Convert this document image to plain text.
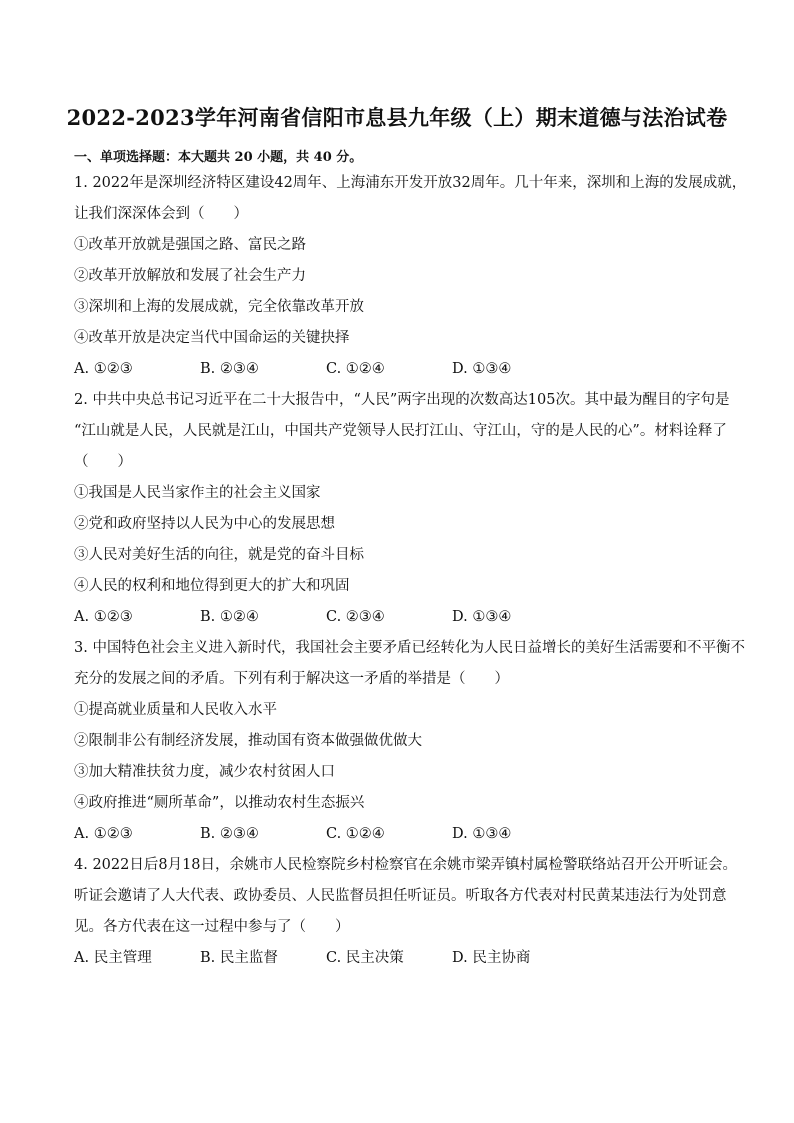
2022-2023学年河南省信阳市息县九年级（上）期末道德与法治试卷

一、单项选择题：本大题共 20 小题，共 40 分。

1. 2022年是深圳经济特区建设42周年、上海浦东开发开放32周年。几十年来，深圳和上海的发展成就，

让我们深深体会到（　　）

①改革开放就是强国之路、富民之路

②改革开放解放和发展了社会生产力

③深圳和上海的发展成就，完全依靠改革开放

④改革开放是决定当代中国命运的关键抉择

A. ①②③	B. ②③④	C. ①②④	D. ①③④

2. 中共中央总书记习近平在二十大报告中，“人民”两字出现的次数高达105次。其中最为醒目的字句是

“江山就是人民，人民就是江山，中国共产党领导人民打江山、守江山，守的是人民的心”。材料诠释了

（　　）

①我国是人民当家作主的社会主义国家

②党和政府坚持以人民为中心的发展思想

③人民对美好生活的向往，就是党的奋斗目标

④人民的权利和地位得到更大的扩大和巩固

A. ①②③	B. ①②④	C. ②③④	D. ①③④

3. 中国特色社会主义进入新时代，我国社会主要矛盾已经转化为人民日益增长的美好生活需要和不平衡不

充分的发展之间的矛盾。下列有利于解决这一矛盾的举措是（　　）

①提高就业质量和人民收入水平

②限制非公有制经济发展，推动国有资本做强做优做大

③加大精准扶贫力度，减少农村贫困人口

④政府推进“厕所革命”，以推动农村生态振兴

A. ①②③	B. ②③④	C. ①②④	D. ①③④

4. 2022日后8月18日，余姚市人民检察院乡村检察官在余姚市梁弄镇村属检警联络站召开公开听证会。

听证会邀请了人大代表、政协委员、人民监督员担任听证员。听取各方代表对村民黄某违法行为处罚意

见。各方代表在这一过程中参与了（　　）

A. 民主管理	B. 民主监督	C. 民主决策	D. 民主协商
